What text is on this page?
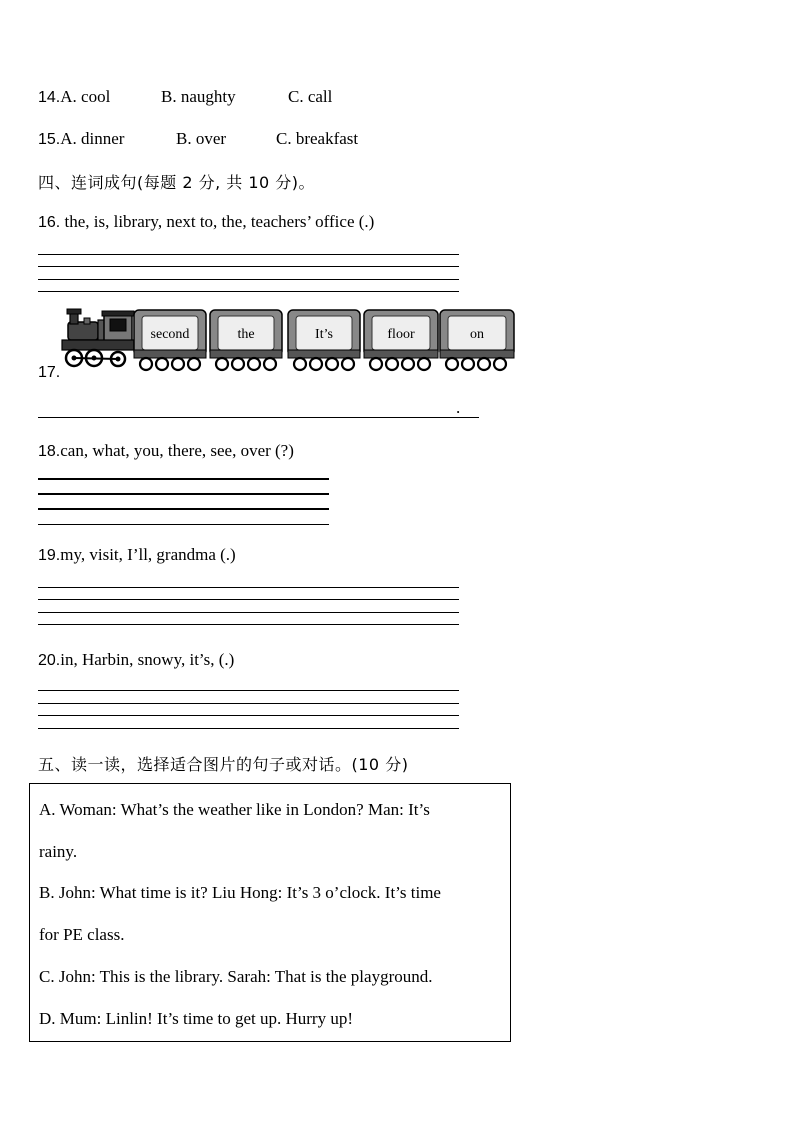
14.A. cool	B. naughty	C. call
15.A. dinner	B. over	C. breakfast
四、连词成句(每题 2 分, 共 10 分)。
16. the, is, library, next to, the, teachers’ office (.)
17.
second	the	It’s	floor	on
.
18.can, what, you, there, see, over (?)
19.my, visit, I’ll, grandma (.)
20.in, Harbin, snowy, it’s, (.)
五、读一读，选择适合图片的句子或对话。(10 分)
A. Woman: What’s the weather like in London? Man: It’s
rainy.
B. John: What time is it? Liu Hong: It’s 3 o’clock. It’s time
for PE class.
C. John: This is the library. Sarah: That is the playground.
D. Mum: Linlin! It’s time to get up. Hurry up!
